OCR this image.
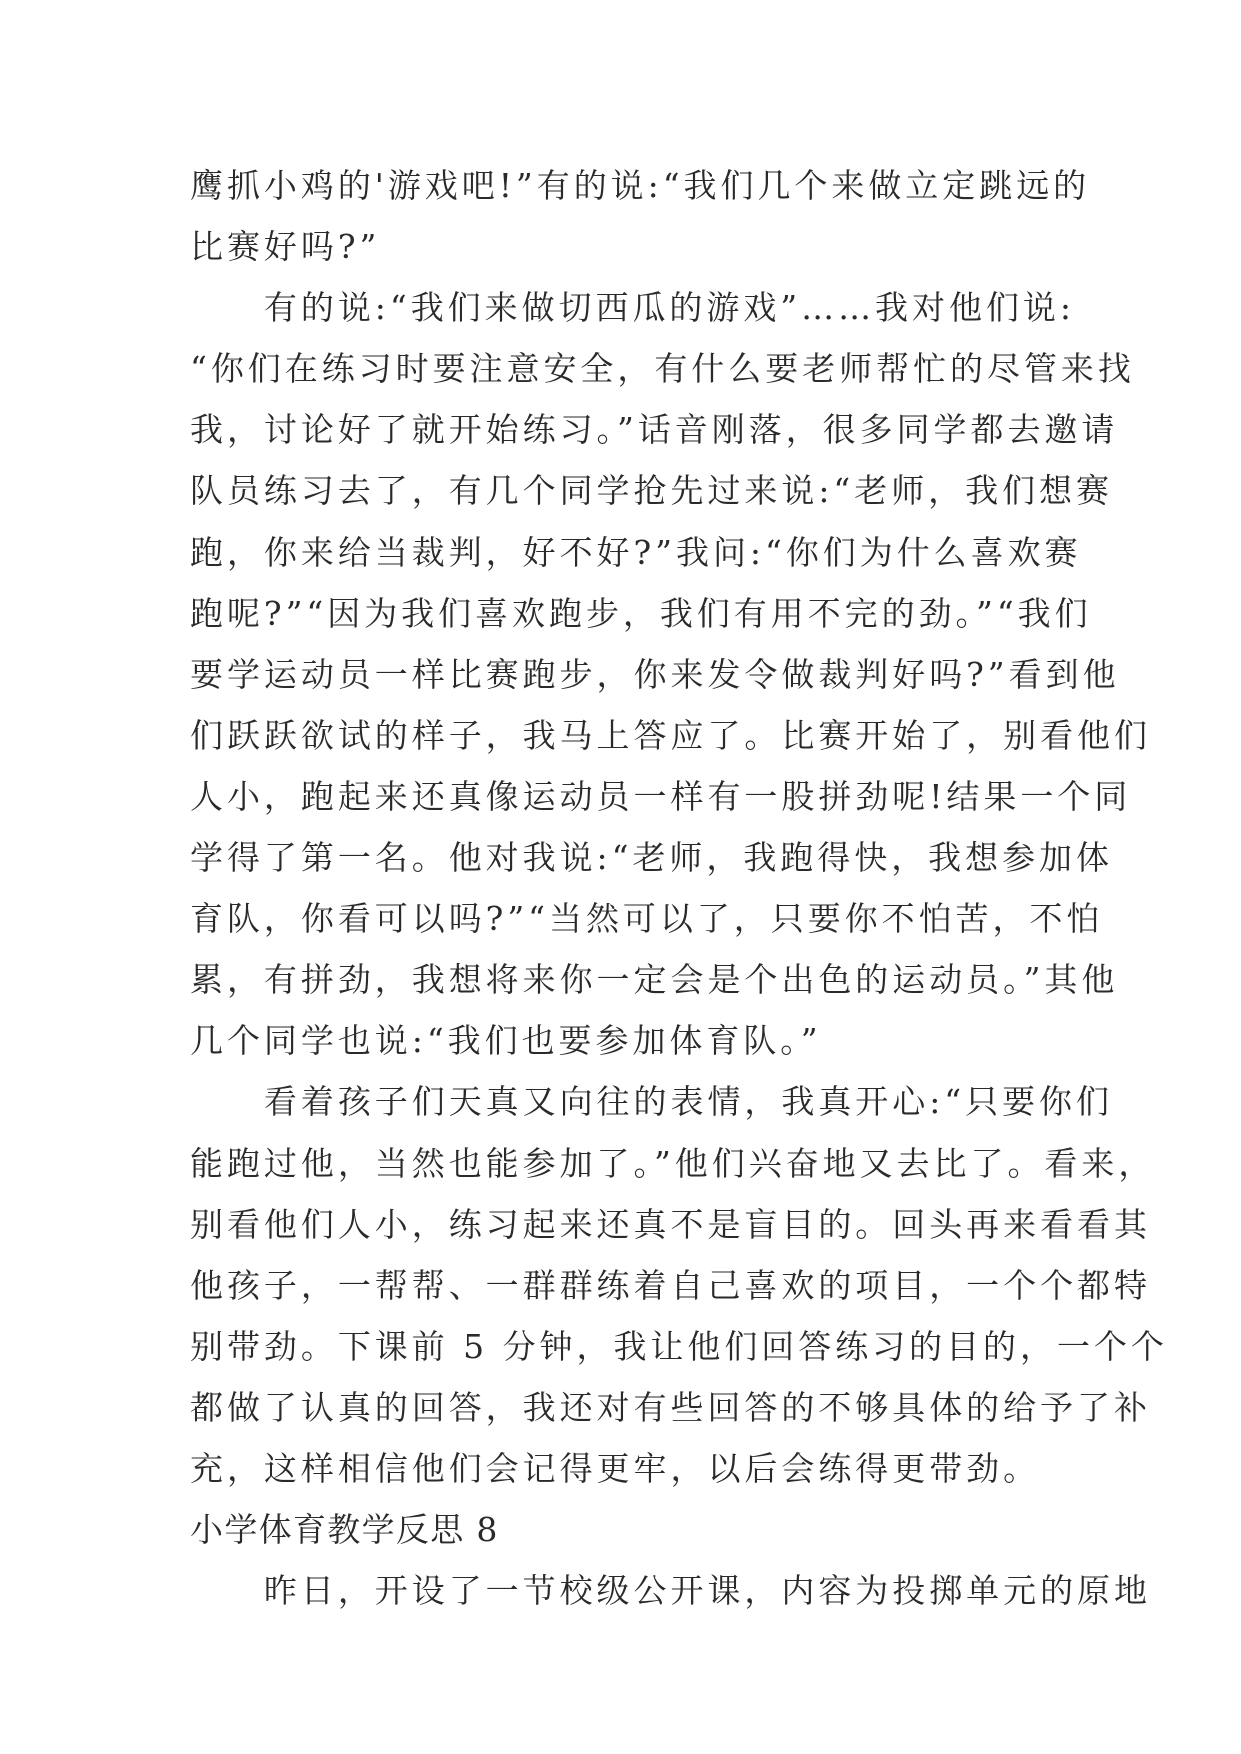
鹰抓小鸡的'游戏吧!”有的说:“我们几个来做立定跳远的
比赛好吗?”
　　有的说:“我们来做切西瓜的游戏”……我对他们说:
“你们在练习时要注意安全，有什么要老师帮忙的尽管来找
我，讨论好了就开始练习。”话音刚落，很多同学都去邀请
队员练习去了，有几个同学抢先过来说:“老师，我们想赛
跑，你来给当裁判，好不好?”我问:“你们为什么喜欢赛
跑呢?”“因为我们喜欢跑步，我们有用不完的劲。”“我们
要学运动员一样比赛跑步，你来发令做裁判好吗?”看到他
们跃跃欲试的样子，我马上答应了。比赛开始了，别看他们
人小，跑起来还真像运动员一样有一股拼劲呢!结果一个同
学得了第一名。他对我说:“老师，我跑得快，我想参加体
育队，你看可以吗?”“当然可以了，只要你不怕苦，不怕
累，有拼劲，我想将来你一定会是个出色的运动员。”其他
几个同学也说:“我们也要参加体育队。”
　　看着孩子们天真又向往的表情，我真开心:“只要你们
能跑过他，当然也能参加了。”他们兴奋地又去比了。看来，
别看他们人小，练习起来还真不是盲目的。回头再来看看其
他孩子，一帮帮、一群群练着自己喜欢的项目，一个个都特
别带劲。下课前 5 分钟，我让他们回答练习的目的，一个个
都做了认真的回答，我还对有些回答的不够具体的给予了补
充，这样相信他们会记得更牢，以后会练得更带劲。
小学体育教学反思 8
　　昨日，开设了一节校级公开课，内容为投掷单元的原地
